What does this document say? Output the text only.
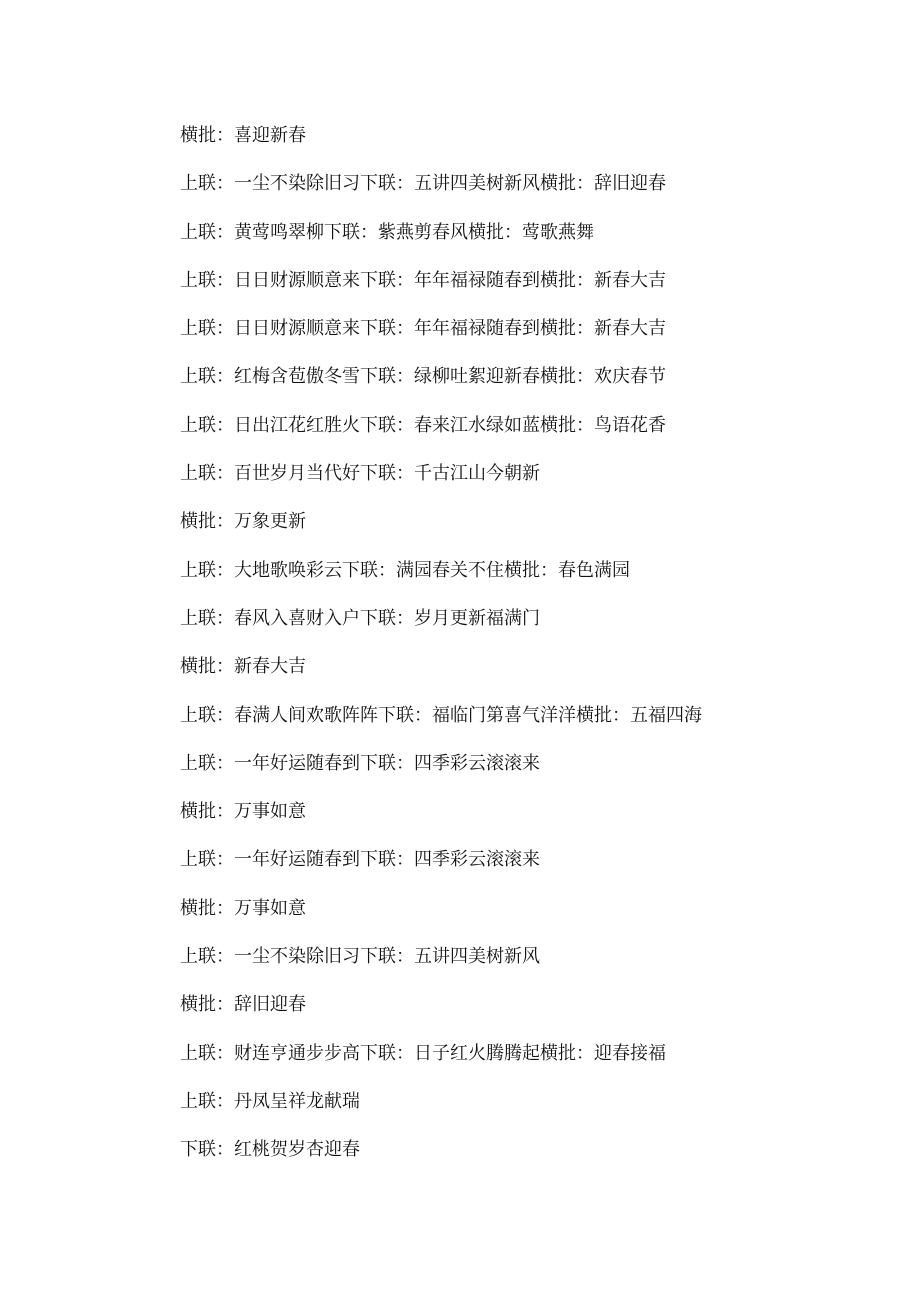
横批：喜迎新春
上联：一尘不染除旧习下联：五讲四美树新风横批：辞旧迎春
上联：黄莺鸣翠柳下联：紫燕剪春风横批：莺歌燕舞
上联：日日财源顺意来下联：年年福禄随春到横批：新春大吉
上联：日日财源顺意来下联：年年福禄随春到横批：新春大吉
上联：红梅含苞傲冬雪下联：绿柳吐絮迎新春横批：欢庆春节
上联：日出江花红胜火下联：春来江水绿如蓝横批：鸟语花香
上联：百世岁月当代好下联：千古江山今朝新
横批：万象更新
上联：大地歌唤彩云下联：满园春关不住横批：春色满园
上联：春风入喜财入户下联：岁月更新福满门
横批：新春大吉
上联：春满人间欢歌阵阵下联：福临门第喜气洋洋横批：五福四海
上联：一年好运随春到下联：四季彩云滚滚来
横批：万事如意
上联：一年好运随春到下联：四季彩云滚滚来
横批：万事如意
上联：一尘不染除旧习下联：五讲四美树新风
横批：辞旧迎春
上联：财连亨通步步高下联：日子红火腾腾起横批：迎春接福
上联：丹凤呈祥龙献瑞
下联：红桃贺岁杏迎春
